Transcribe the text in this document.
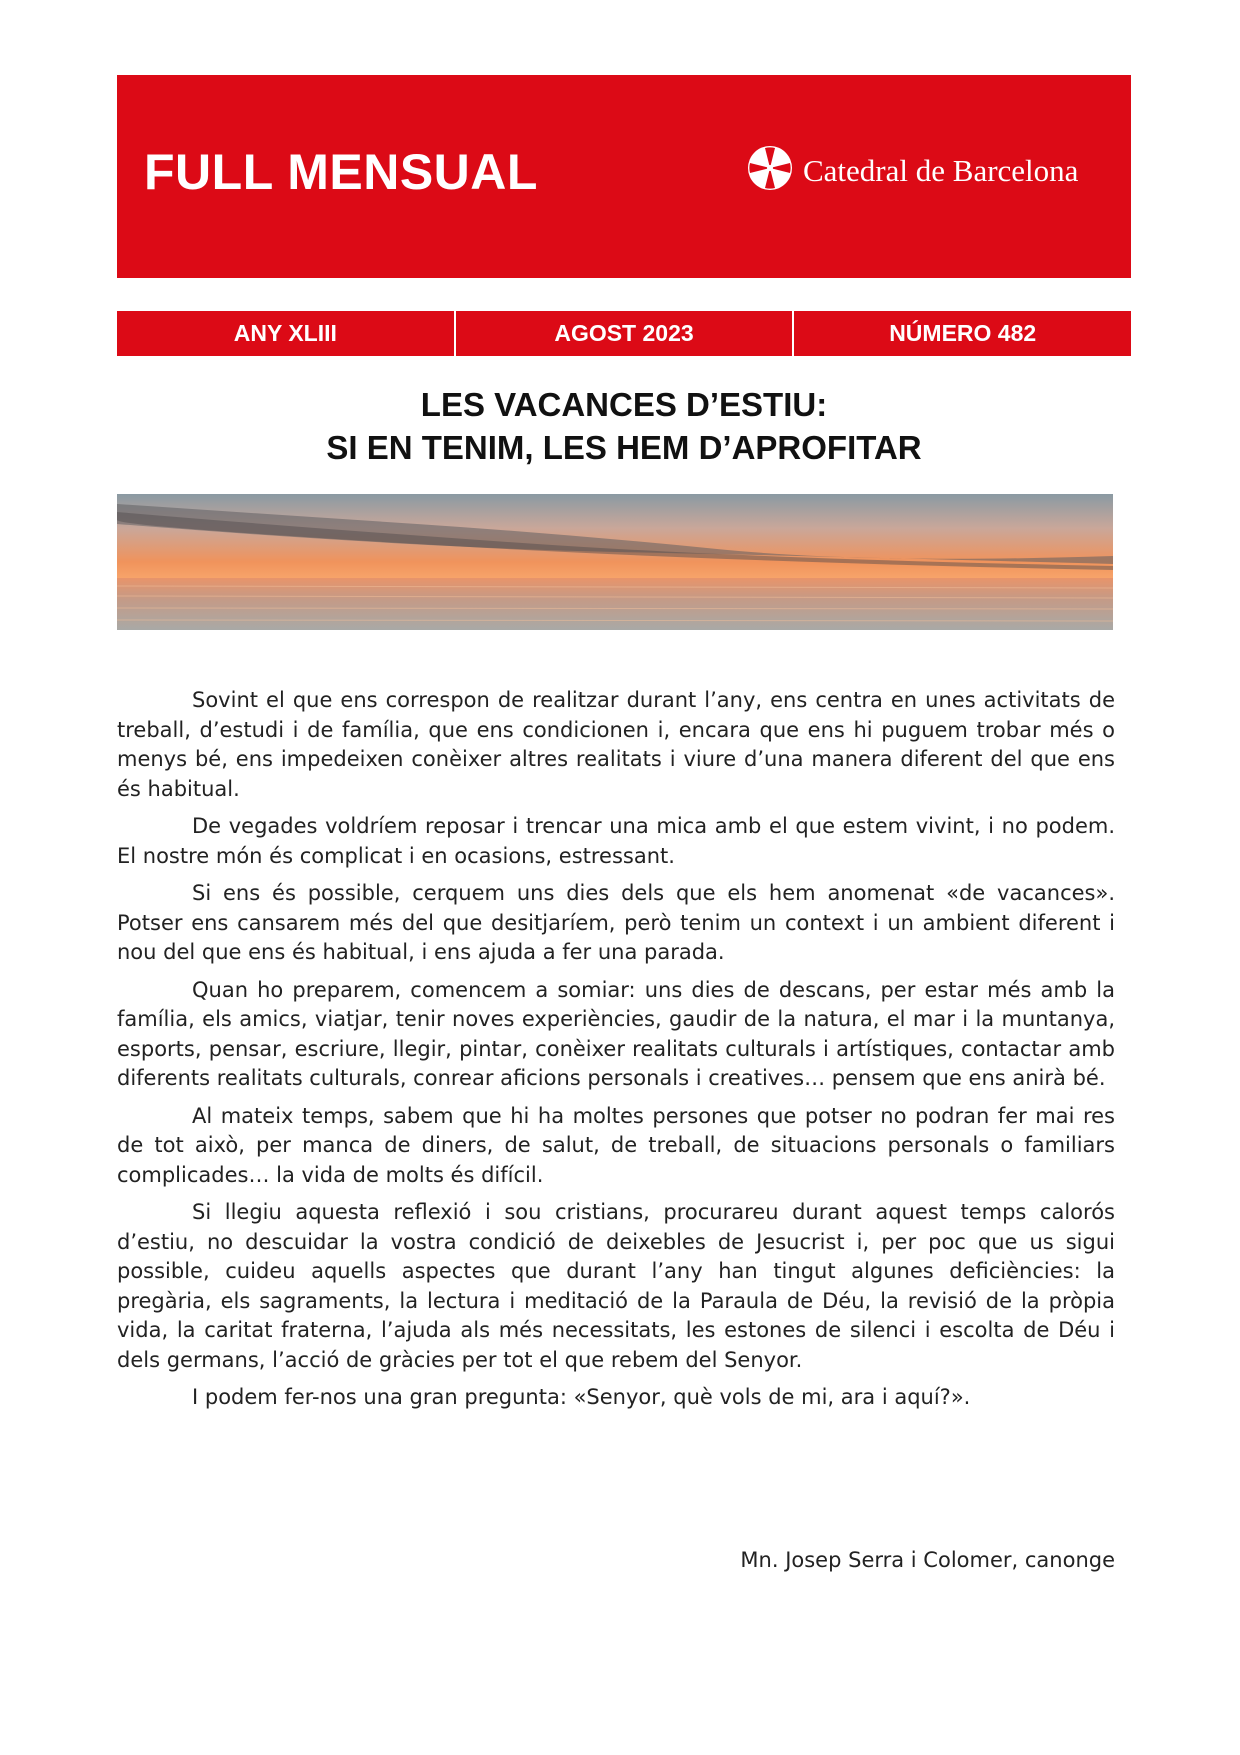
FULL MENSUAL	Catedral de Barcelona
ANY XLIII	AGOST 2023	NÚMERO 482
LES VACANCES D’ESTIU:
SI EN TENIM, LES HEM D’APROFITAR

Sovint el que ens correspon de realitzar durant l’any, ens centra en unes activitats de treball, d’estudi i de família, que ens condicionen i, encara que ens hi puguem trobar més o menys bé, ens impedeixen conèixer altres realitats i viure d’una manera diferent del que ens és habitual.

De vegades voldríem reposar i trencar una mica amb el que estem vivint, i no podem. El nostre món és complicat i en ocasions, estressant.

Si ens és possible, cerquem uns dies dels que els hem anomenat «de vacances». Potser ens cansarem més del que desitjaríem, però tenim un context i un ambient diferent i nou del que ens és habitual, i ens ajuda a fer una parada.

Quan ho preparem, comencem a somiar: uns dies de descans, per estar més amb la família, els amics, viatjar, tenir noves experiències, gaudir de la natura, el mar i la muntanya, esports, pensar, escriure, llegir, pintar, conèixer realitats culturals i artístiques, contactar amb diferents realitats culturals, conrear aficions personals i creatives… pensem que ens anirà bé.

Al mateix temps, sabem que hi ha moltes persones que potser no podran fer mai res de tot això, per manca de diners, de salut, de treball, de situacions personals o familiars complicades… la vida de molts és difícil.

Si llegiu aquesta reflexió i sou cristians, procurareu durant aquest temps calorós d’estiu, no descuidar la vostra condició de deixebles de Jesucrist i, per poc que us sigui possible, cuideu aquells aspectes que durant l’any han tingut algunes deficiències: la pregària, els sagraments, la lectura i meditació de la Paraula de Déu, la revisió de la pròpia vida, la caritat fraterna, l’ajuda als més necessitats, les estones de silenci i escolta de Déu i dels germans, l’acció de gràcies per tot el que rebem del Senyor.

I podem fer-nos una gran pregunta: «Senyor, què vols de mi, ara i aquí?».

Mn. Josep Serra i Colomer, canonge
